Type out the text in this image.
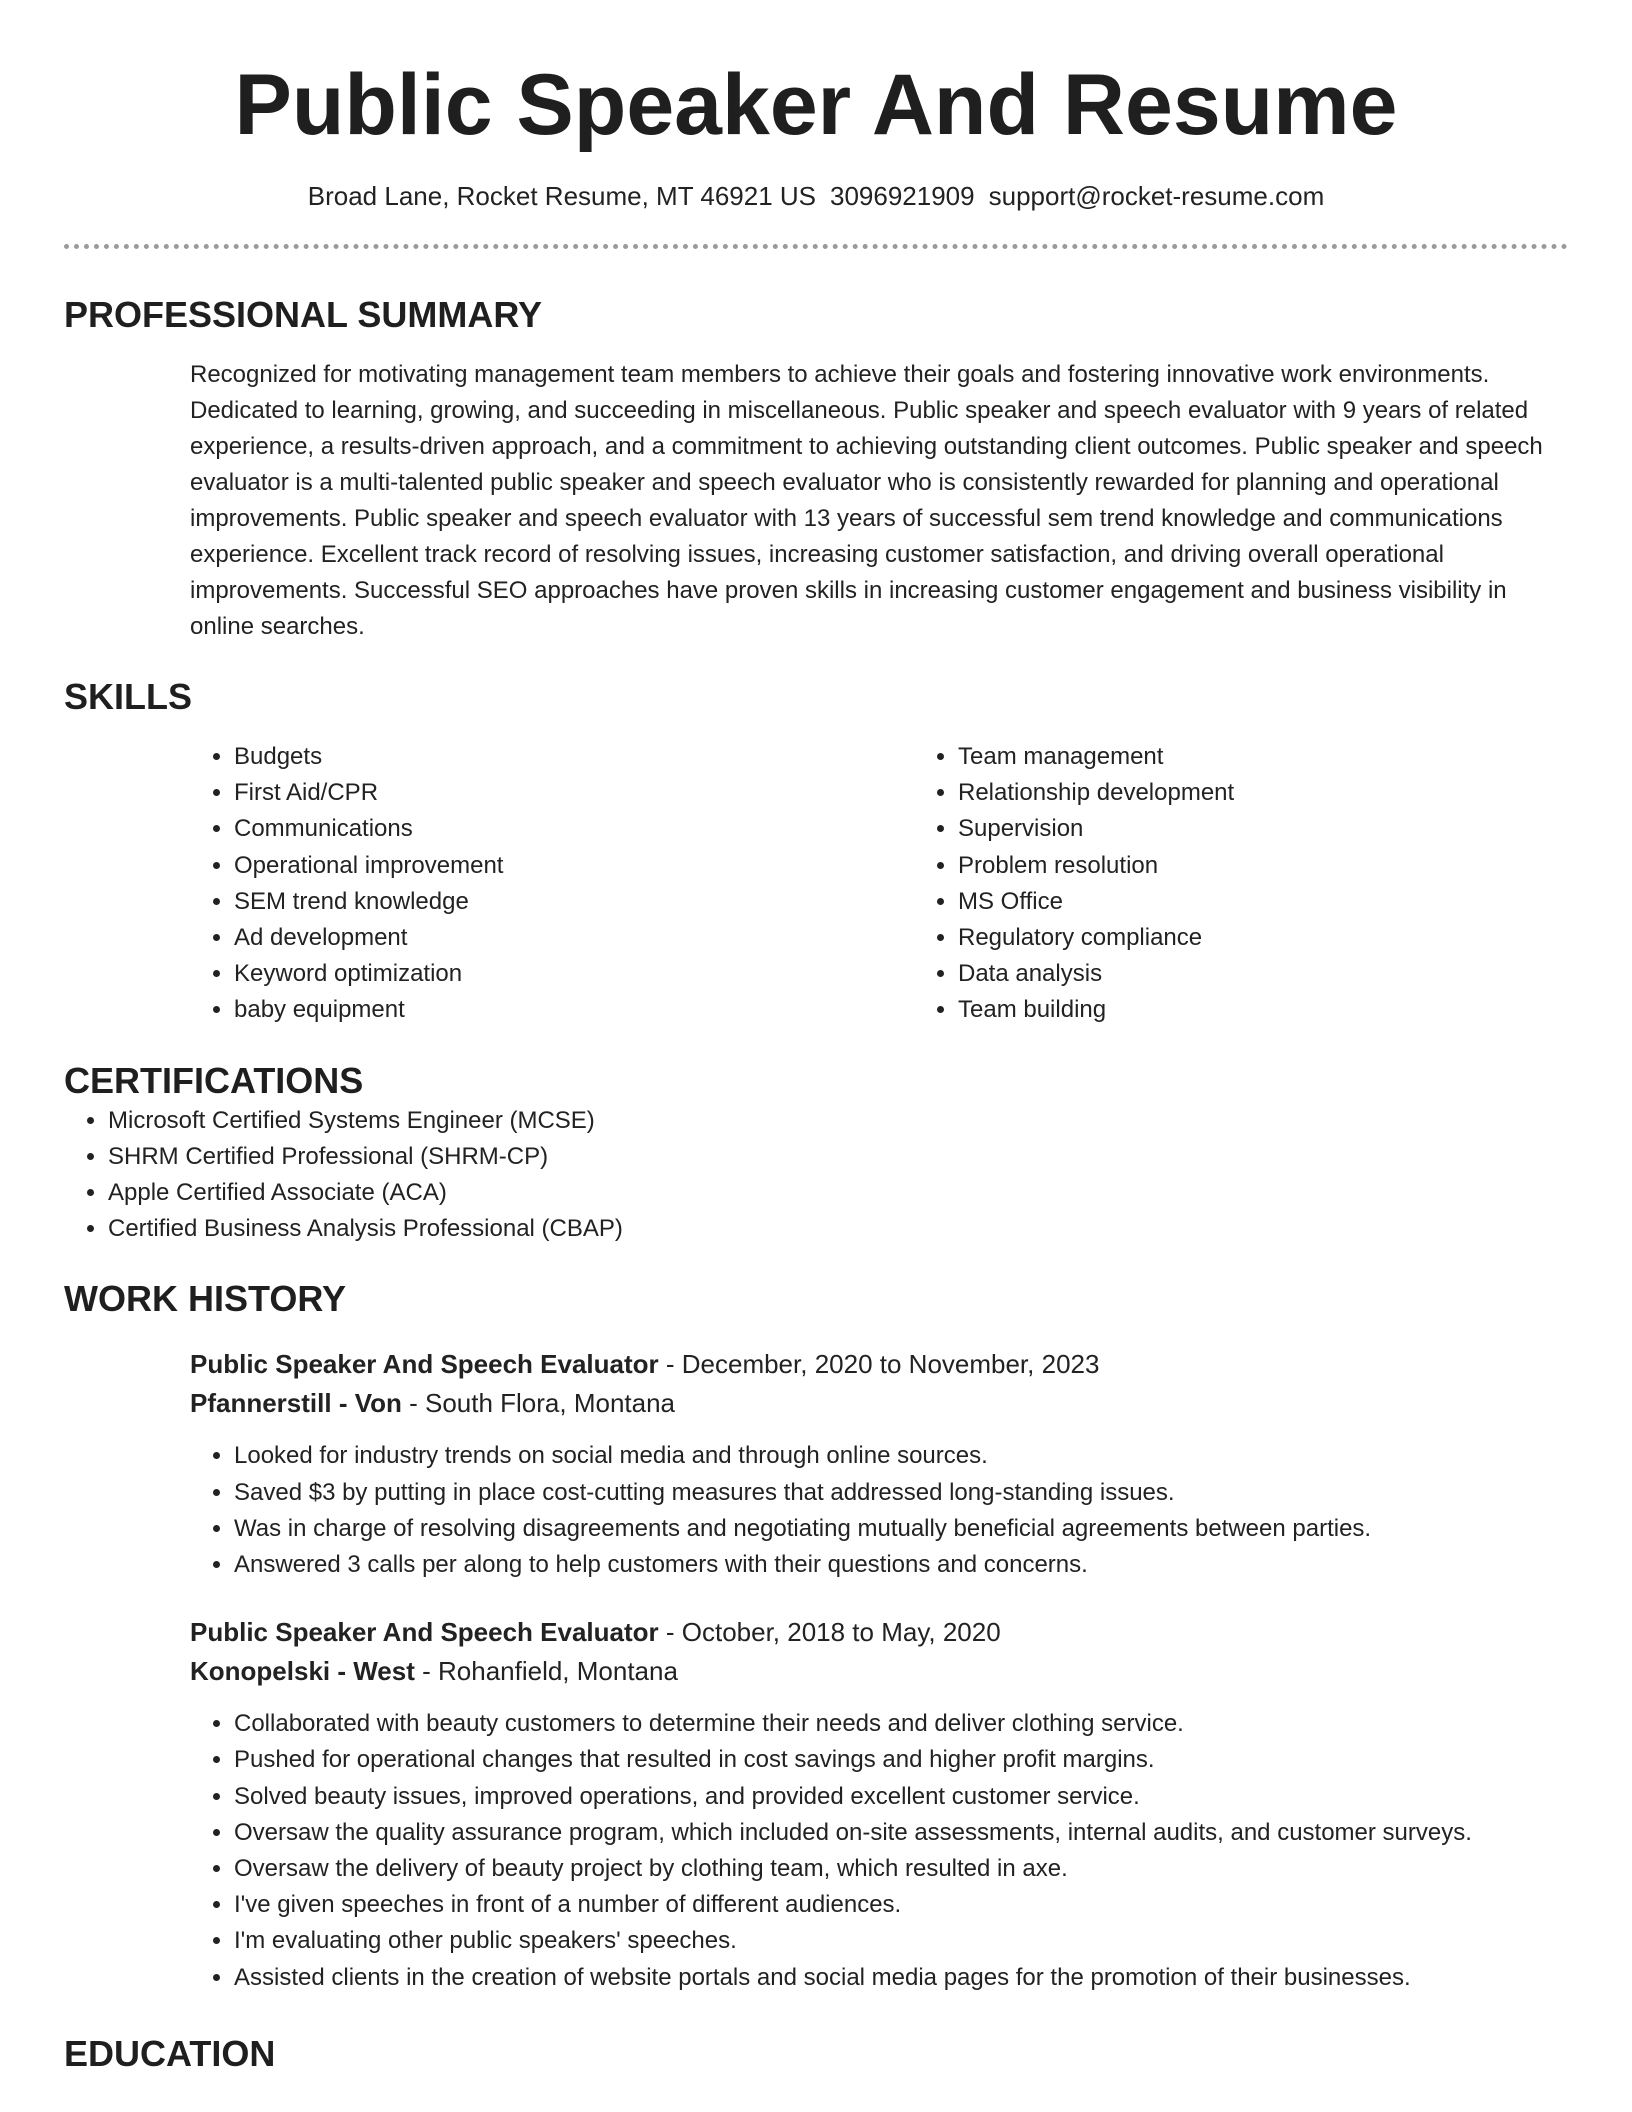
Public Speaker And Resume
Broad Lane, Rocket Resume, MT 46921 US 3096921909 support@rocket-resume.com
PROFESSIONAL SUMMARY

Recognized for motivating management team members to achieve their goals and fostering innovative work environments. Dedicated to learning, growing, and succeeding in miscellaneous. Public speaker and speech evaluator with 9 years of related experience, a results-driven approach, and a commitment to achieving outstanding client outcomes. Public speaker and speech evaluator is a multi-talented public speaker and speech evaluator who is consistently rewarded for planning and operational improvements. Public speaker and speech evaluator with 13 years of successful sem trend knowledge and communications experience. Excellent track record of resolving issues, increasing customer satisfaction, and driving overall operational improvements. Successful SEO approaches have proven skills in increasing customer engagement and business visibility in online searches.

SKILLS
• Budgets
• First Aid/CPR
• Communications
• Operational improvement
• SEM trend knowledge
• Ad development
• Keyword optimization
• baby equipment
• Team management
• Relationship development
• Supervision
• Problem resolution
• MS Office
• Regulatory compliance
• Data analysis
• Team building
CERTIFICATIONS
• Microsoft Certified Systems Engineer (MCSE)
• SHRM Certified Professional (SHRM-CP)
• Apple Certified Associate (ACA)
• Certified Business Analysis Professional (CBAP)
WORK HISTORY
Public Speaker And Speech Evaluator - December, 2020 to November, 2023
Pfannerstill - Von - South Flora, Montana
• Looked for industry trends on social media and through online sources.
• Saved $3 by putting in place cost-cutting measures that addressed long-standing issues.
• Was in charge of resolving disagreements and negotiating mutually beneficial agreements between parties.
• Answered 3 calls per along to help customers with their questions and concerns.
Public Speaker And Speech Evaluator - October, 2018 to May, 2020
Konopelski - West - Rohanfield, Montana
• Collaborated with beauty customers to determine their needs and deliver clothing service.
• Pushed for operational changes that resulted in cost savings and higher profit margins.
• Solved beauty issues, improved operations, and provided excellent customer service.
• Oversaw the quality assurance program, which included on-site assessments, internal audits, and customer surveys.
• Oversaw the delivery of beauty project by clothing team, which resulted in axe.
• I've given speeches in front of a number of different audiences.
• I'm evaluating other public speakers' speeches.
• Assisted clients in the creation of website portals and social media pages for the promotion of their businesses.
EDUCATION
